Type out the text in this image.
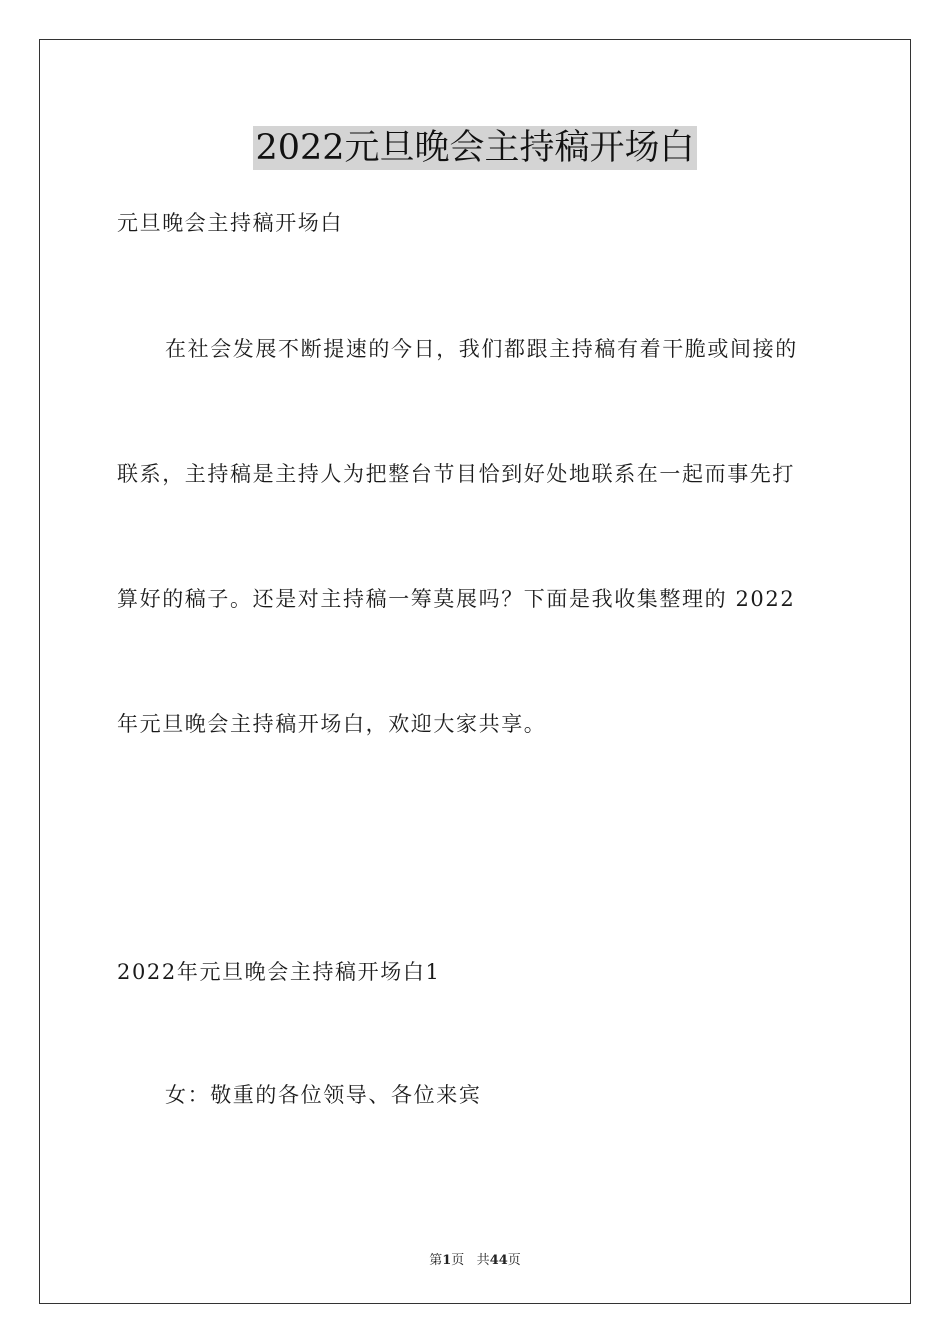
2022元旦晚会主持稿开场白
元旦晚会主持稿开场白
在社会发展不断提速的今日，我们都跟主持稿有着干脆或间接的
联系，主持稿是主持人为把整台节目恰到好处地联系在一起而事先打
算好的稿子。还是对主持稿一筹莫展吗？下面是我收集整理的 2022
年元旦晚会主持稿开场白，欢迎大家共享。
2022年元旦晚会主持稿开场白1
女：敬重的各位领导、各位来宾
第1页 共44页
